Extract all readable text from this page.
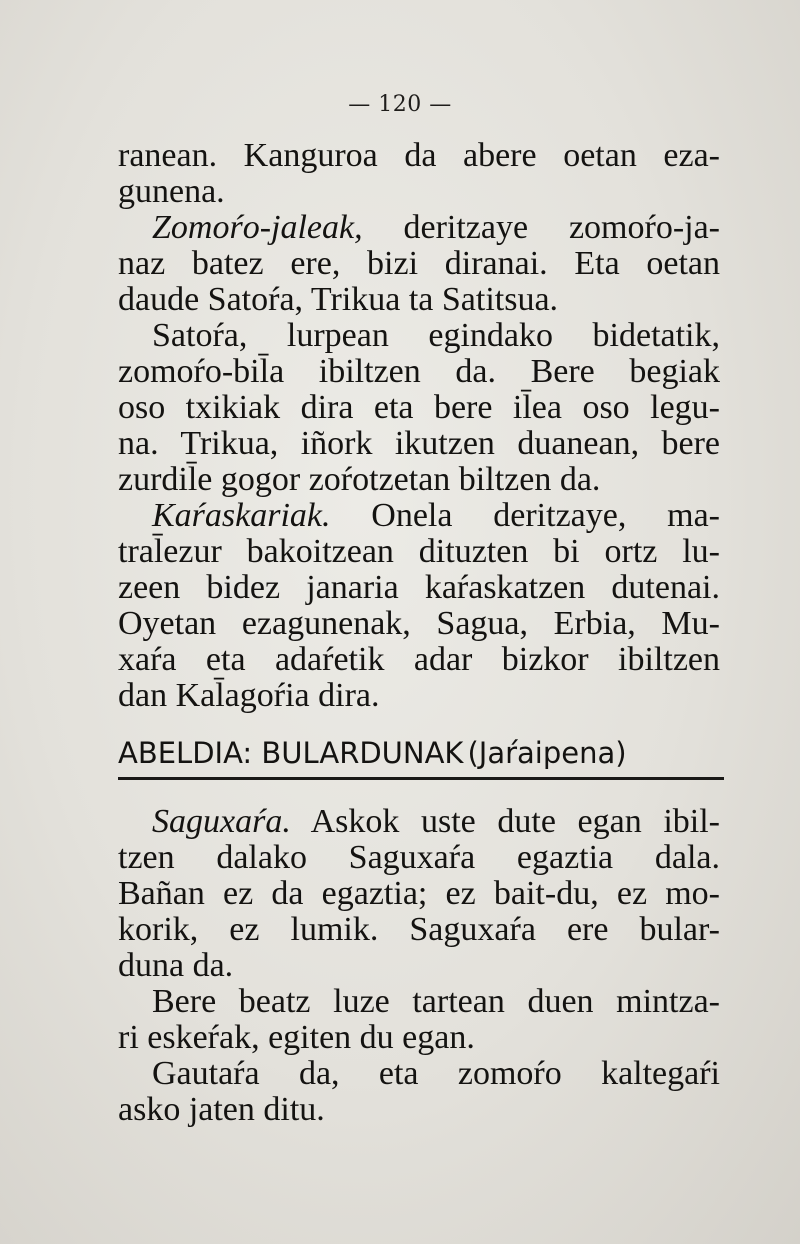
— 120 —
ranean. Kanguroa da abere oetan eza-
gunena.
Zomoŕo-jaleak, deritzaye zomoŕo-ja-
naz batez ere, bizi diranai. Eta oetan
daude Satoŕa, Trikua ta Satitsua.
Satoŕa, lurpean egindako bidetatik,
zomoŕo-bil̄a ibiltzen da. Bere begiak
oso txikiak dira eta bere il̄ea oso legu-
na. Trikua, iñork ikutzen duanean, bere
zurdil̄e gogor zoŕotzetan biltzen da.
Kaŕaskariak. Onela deritzaye, ma-
tral̄ezur bakoitzean dituzten bi ortz lu-
zeen bidez janaria kaŕaskatzen dutenai.
Oyetan ezagunenak, Sagua, Erbia, Mu-
xaŕa eta adaŕetik adar bizkor ibiltzen
dan Kal̄agoŕia dira.
ABELDIA: BULARDUNAK (Jaŕaipena)
Saguxaŕa. Askok uste dute egan ibil-
tzen dalako Saguxaŕa egaztia dala.
Bañan ez da egaztia; ez bait-du, ez mo-
korik, ez lumik. Saguxaŕa ere bular-
duna da.
Bere beatz luze tartean duen mintza-
ri eskeŕak, egiten du egan.
Gautaŕa da, eta zomoŕo kaltegaŕi
asko jaten ditu.
